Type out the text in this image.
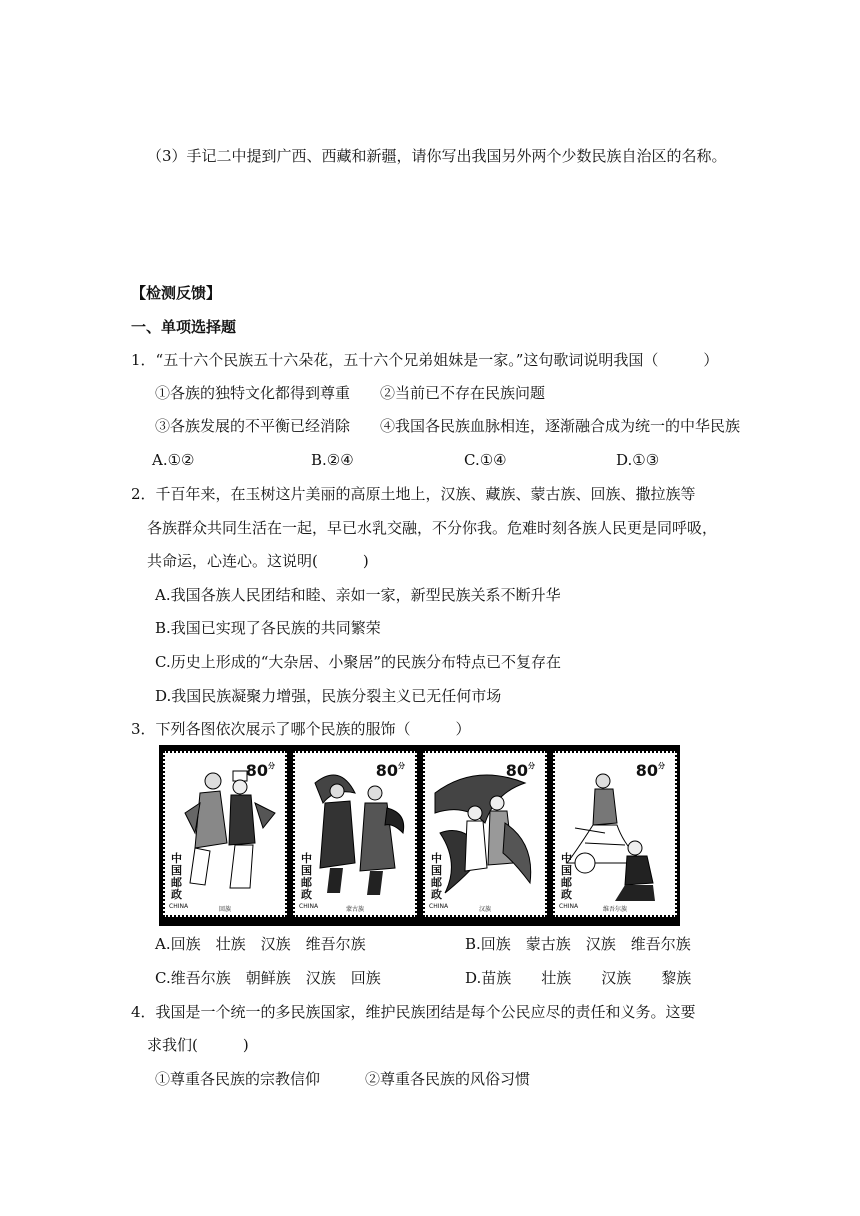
（3）手记二中提到广西、西藏和新疆，请你写出我国另外两个少数民族自治区的名称。
【检测反馈】
一、单项选择题
1．“五十六个民族五十六朵花，五十六个兄弟姐妹是一家。”这句歌词说明我国（　　　）
①各族的独特文化都得到尊重　　②当前已不存在民族问题
③各族发展的不平衡已经消除　　④我国各民族血脉相连，逐渐融合成为统一的中华民族
A.①②	B.②④	C.①④	D.①③
2．千百年来，在玉树这片美丽的高原土地上，汉族、藏族、蒙古族、回族、撒拉族等
各族群众共同生活在一起，早已水乳交融，不分你我。危难时刻各族人民更是同呼吸，
共命运，心连心。这说明(　　　)
A.我国各族人民团结和睦、亲如一家，新型民族关系不断升华
B.我国已实现了各民族的共同繁荣
C.历史上形成的“大杂居、小聚居”的民族分布特点已不复存在
D.我国民族凝聚力增强，民族分裂主义已无任何市场
3．下列各图依次展示了哪个民族的服饰（　　　）
$80^分$
中国邮政
CHINA	回族
$80^分$
中国邮政
CHINA	蒙古族
$80^分$
中国邮政
CHINA	汉族
$80^分$
中国邮政
CHINA	维吾尔族
A.回族　壮族　汉族　维吾尔族	B.回族　蒙古族　汉族　维吾尔族
C.维吾尔族　朝鲜族　汉族　回族	D.苗族　　壮族　　汉族　　黎族
4．我国是一个统一的多民族国家，维护民族团结是每个公民应尽的责任和义务。这要
求我们(　　　)
①尊重各民族的宗教信仰　　　②尊重各民族的风俗习惯
